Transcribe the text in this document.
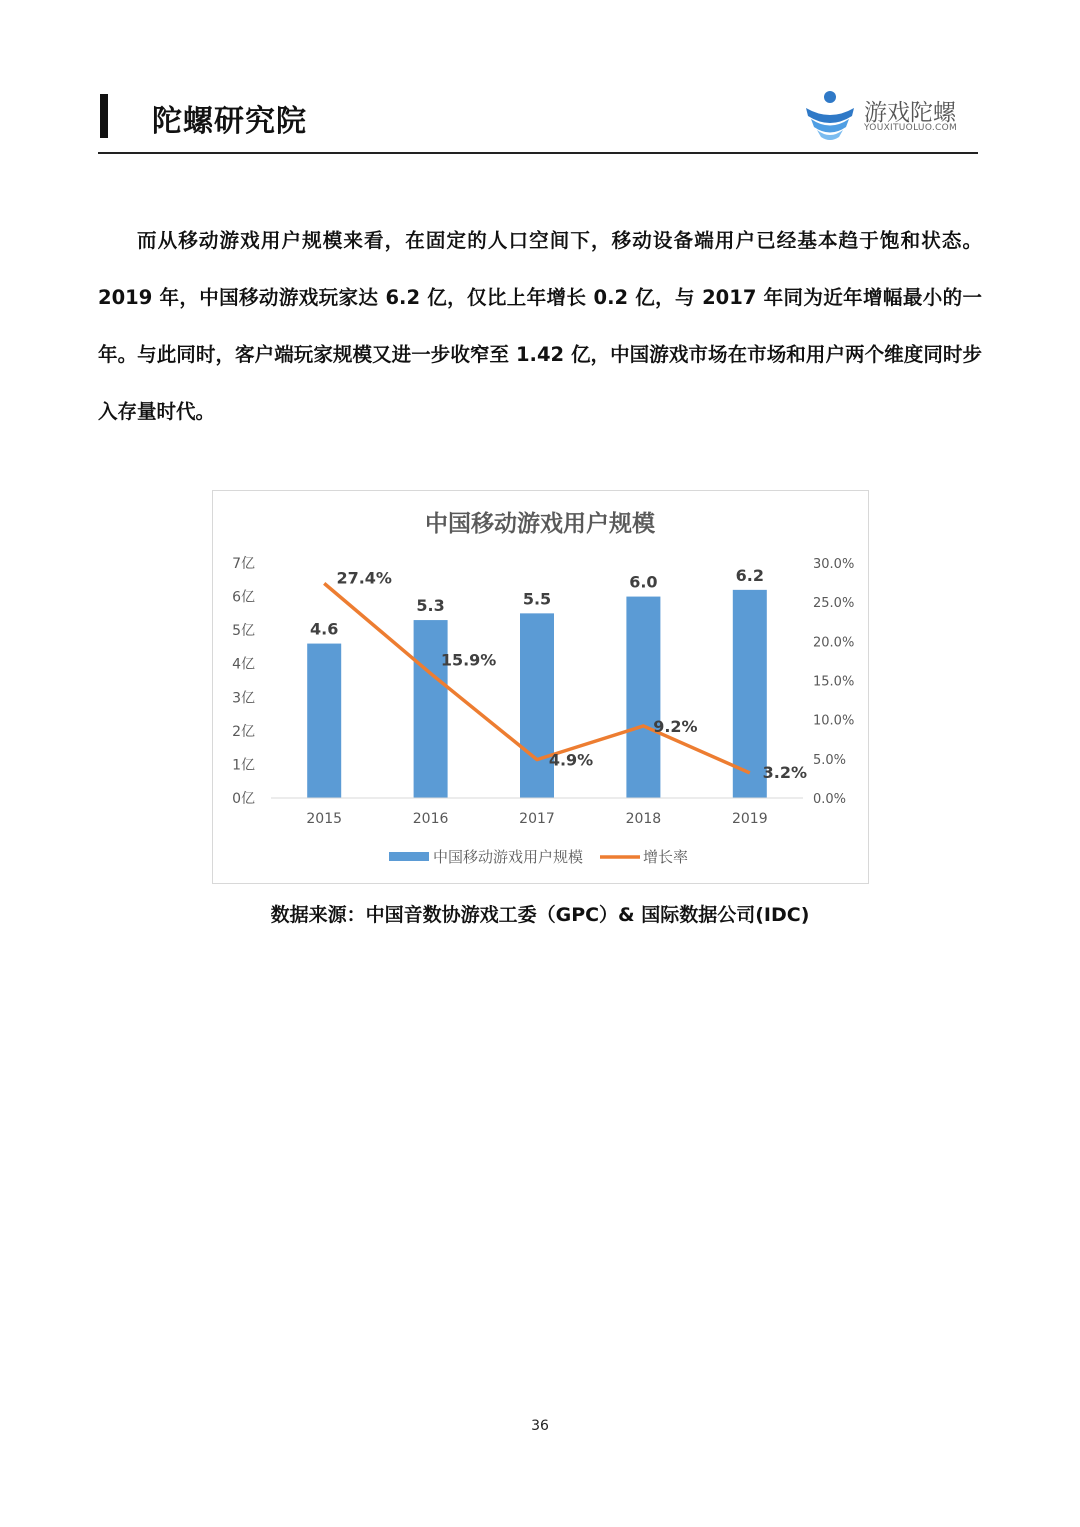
陀螺研究院	游戏陀螺
YOUXITUOLUO.COM

而从移动游戏用户规模来看，在固定的人口空间下，移动设备端用户已经基本趋于饱和状态。2019 年，中国移动游戏玩家达 6.2 亿，仅比上年增长 0.2 亿，与 2017 年同为近年增幅最小的一年。与此同时，客户端玩家规模又进一步收窄至 1.42 亿，中国游戏市场在市场和用户两个维度同时步入存量时代。

中国移动游戏用户规模
0亿
1亿
2亿
3亿
4亿
5亿
6亿
7亿
0.0%
5.0%
10.0%
15.0%
20.0%
25.0%
30.0%
4.6
5.3	5.5
6.0	6.2
2015	2016	2017	2018	2019
27.4%
15.9%
4.9%
9.2%
3.2%
中国移动游戏用户规模	增长率
数据来源：中国音数协游戏工委（GPC）& 国际数据公司(IDC)
36
